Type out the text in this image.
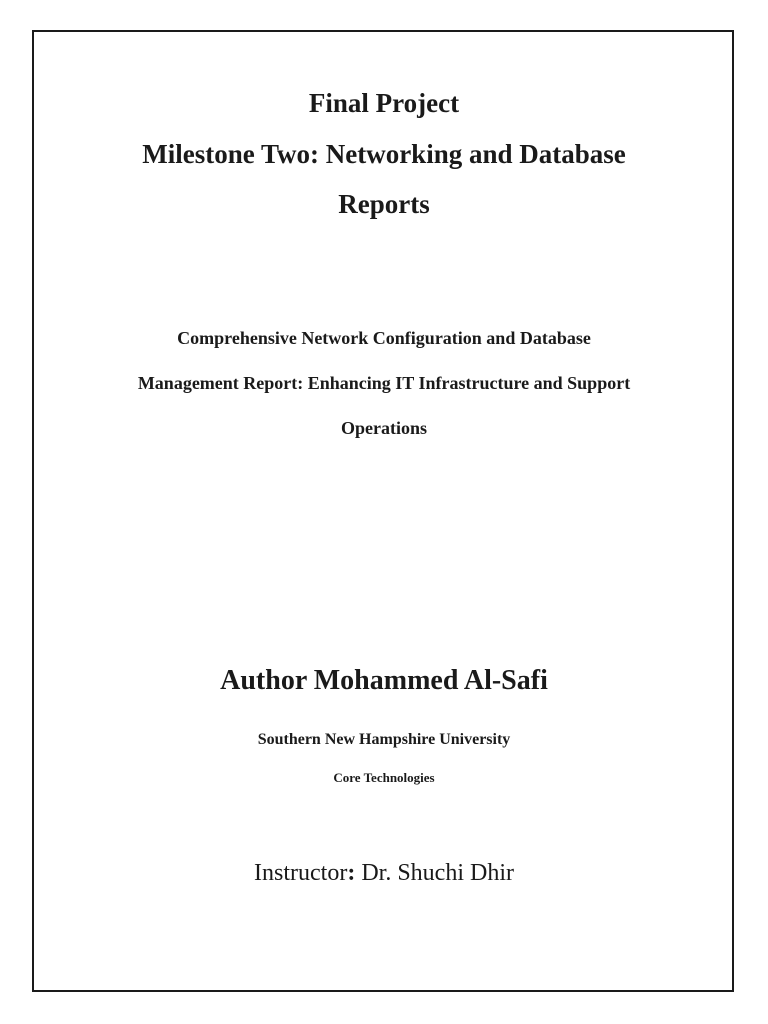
Final Project
Milestone Two: Networking and Database
Reports
Comprehensive Network Configuration and Database
Management Report: Enhancing IT Infrastructure and Support
Operations
Author Mohammed Al-Safi
Southern New Hampshire University
Core Technologies
Instructor: Dr. Shuchi Dhir
